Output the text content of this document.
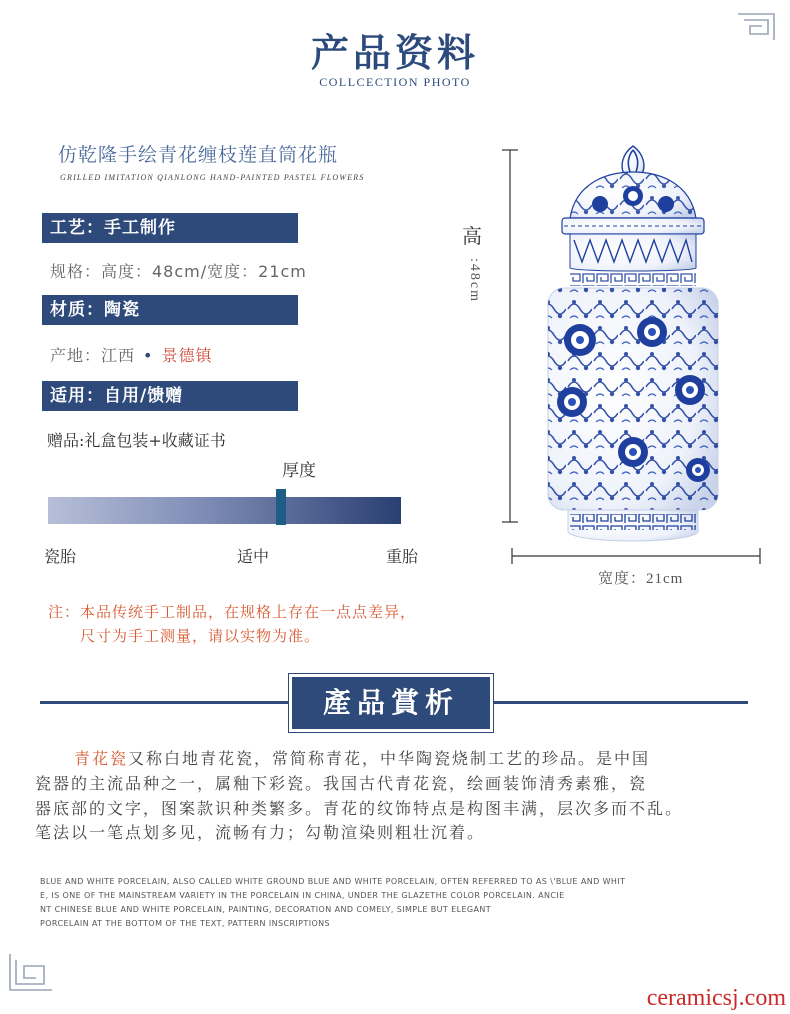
产品资料
COLLCECTION PHOTO
仿乾隆手绘青花缠枝莲直筒花瓶
GRILLED IMITATION QIANLONG HAND-PAINTED PASTEL FLOWERS
工艺：手工制作
规格：高度：48cm/宽度：21cm
材质：陶瓷
产地：江西 • 景德镇
适用：自用/馈赠
赠品:礼盒包装+收藏证书
厚度
瓷胎	适中	重胎
注：本品传统手工制品，在规格上存在一点点差异，
尺寸为手工测量，请以实物为准。
產品賞析
青花瓷又称白地青花瓷，常简称青花，中华陶瓷烧制工艺的珍品。是中国
瓷器的主流品种之一，属釉下彩瓷。我国古代青花瓷，绘画装饰清秀素雅，瓷
器底部的文字，图案款识种类繁多。青花的纹饰特点是构图丰满，层次多而不乱。
笔法以一笔点划多见，流畅有力；勾勒渲染则粗壮沉着。
BLUE AND WHITE PORCELAIN, ALSO CALLED WHITE GROUND BLUE AND WHITE PORCELAIN, OFTEN REFERRED TO AS \'BLUE AND WHIT
E, IS ONE OF THE MAINSTREAM VARIETY IN THE PORCELAIN IN CHINA, UNDER THE GLAZETHE COLOR PORCELAIN. ANCIE
NT CHINESE BLUE AND WHITE PORCELAIN, PAINTING, DECORATION AND COMELY, SIMPLE BUT ELEGANT
PORCELAIN AT THE BOTTOM OF THE TEXT, PATTERN INSCRIPTIONS
ceramicsj.com
高
:48cm
宽度：21cm
